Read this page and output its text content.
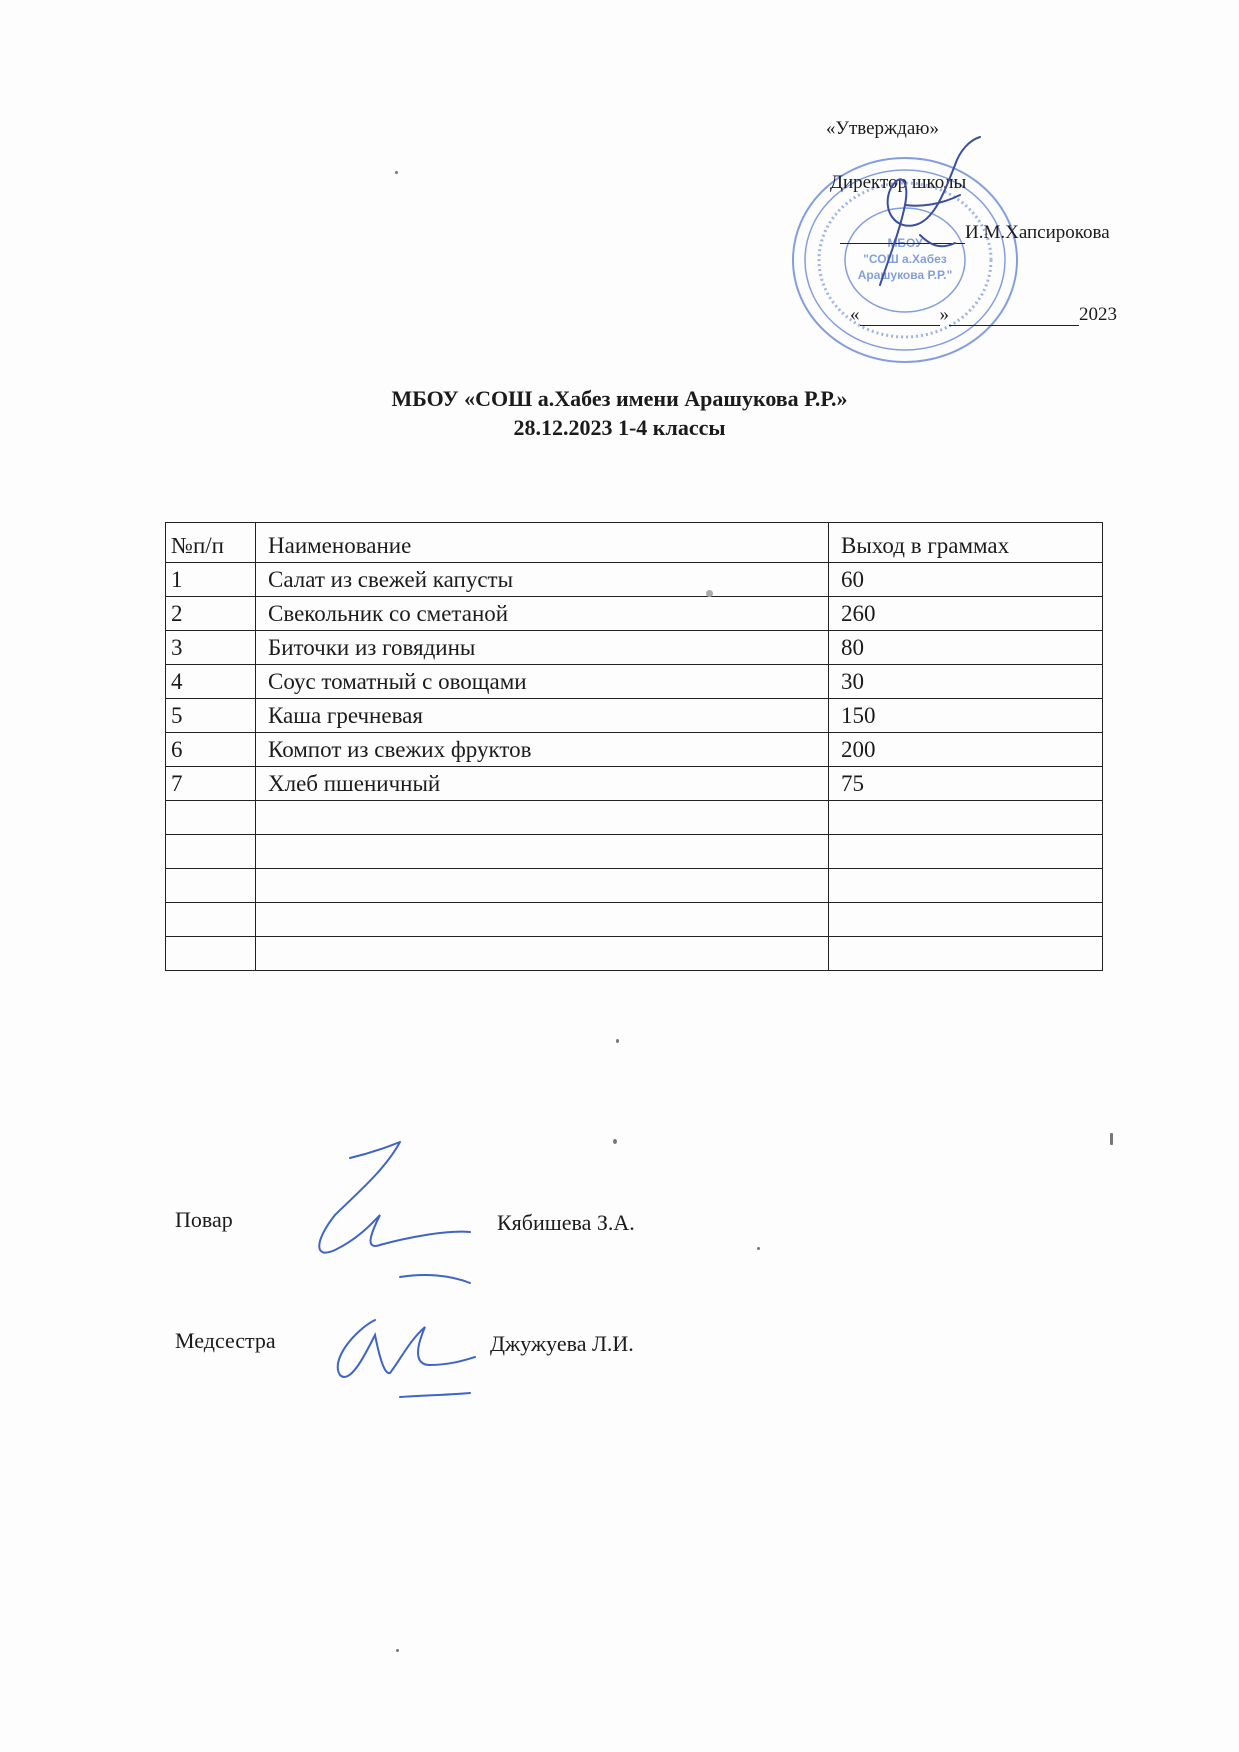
МБОУ
"СОШ а.Хабез
Арашукова Р.Р."
«Утверждаю»
Директор школы
И.М.Хапсирокова
«	»	2023
МБОУ «СОШ а.Хабез имени Арашукова Р.Р.»
28.12.2023 1-4 классы
№п/п	Наименование	Выход в граммах
1	Салат из свежей капусты	60
2	Свекольник со сметаной	260
3	Биточки из говядины	80
4	Соус томатный с овощами	30
5	Каша гречневая	150
6	Компот из свежих фруктов	200
7	Хлеб пшеничный	75

Повар	Кябишева З.А.
Медсестра	Джужуева Л.И.
